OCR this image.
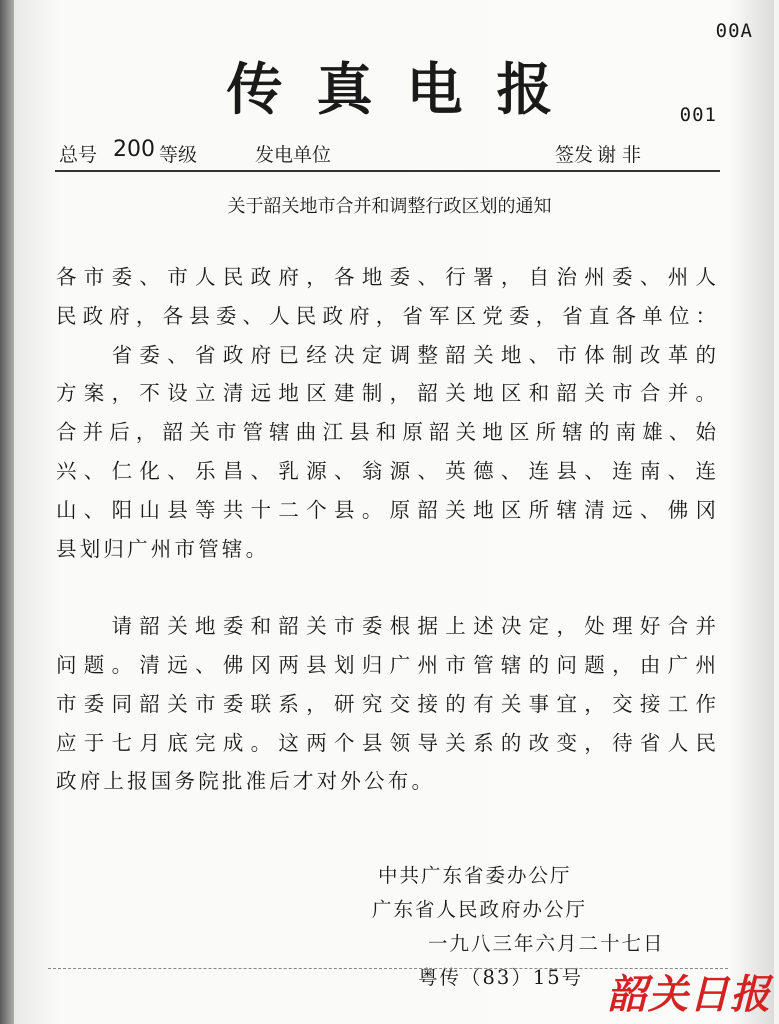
00A
001
传真电报
总号 200 等级	发电单位	签发 谢 非
关于韶关地市合并和调整行政区划的通知
各市委、市人民政府，各地委、行署，自治州委、州人
民政府，各县委、人民政府，省军区党委，省直各单位：
　　省委、省政府已经决定调整韶关地、市体制改革的
方案，不设立清远地区建制，韶关地区和韶关市合并。
合并后，韶关市管辖曲江县和原韶关地区所辖的南雄、始
兴、仁化、乐昌、乳源、翁源、英德、连县、连南、连
山、阳山县等共十二个县。原韶关地区所辖清远、佛冈
县划归广州市管辖。
　　请韶关地委和韶关市委根据上述决定，处理好合并
问题。清远、佛冈两县划归广州市管辖的问题，由广州
市委同韶关市委联系，研究交接的有关事宜，交接工作
应于七月底完成。这两个县领导关系的改变，待省人民
政府上报国务院批准后才对外公布。
中共广东省委办公厅
广东省人民政府办公厅
一九八三年六月二十七日
粤传（83）15号 韶关日报
